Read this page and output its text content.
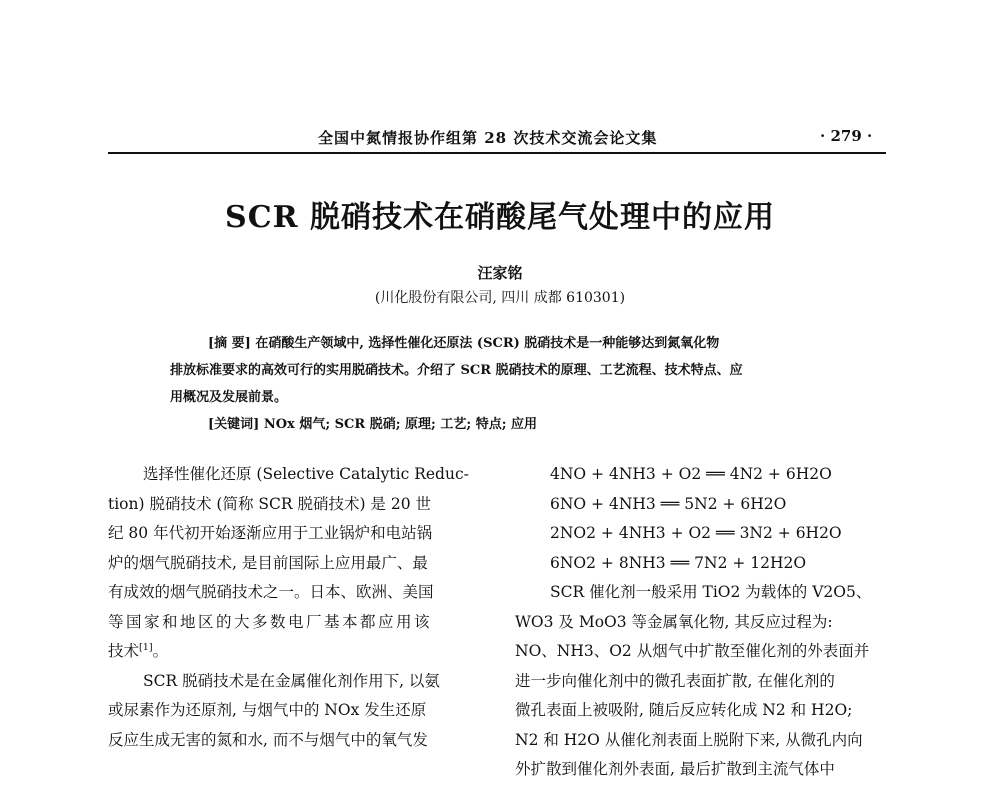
全国中氮情报协作组第 28 次技术交流会论文集	· 279 ·
SCR 脱硝技术在硝酸尾气处理中的应用
汪家铭
(川化股份有限公司, 四川 成都 610301)
[摘 要] 在硝酸生产领域中, 选择性催化还原法 (SCR) 脱硝技术是一种能够达到氮氧化物
排放标准要求的高效可行的实用脱硝技术。介绍了 SCR 脱硝技术的原理、工艺流程、技术特点、应
用概况及发展前景。
[关键词] NOx 烟气; SCR 脱硝; 原理; 工艺; 特点; 应用
选择性催化还原 (Selective Catalytic Reduc-
tion) 脱硝技术 (简称 SCR 脱硝技术) 是 20 世
纪 80 年代初开始逐渐应用于工业锅炉和电站锅
炉的烟气脱硝技术, 是目前国际上应用最广、最
有成效的烟气脱硝技术之一。日本、欧洲、美国
等国家和地区的大多数电厂基本都应用该
技术[1]。
SCR 脱硝技术是在金属催化剂作用下, 以氨
或尿素作为还原剂, 与烟气中的 NOx 发生还原
反应生成无害的氮和水, 而不与烟气中的氧气发
4NO + 4NH3 + O2 ══ 4N2 + 6H2O
6NO + 4NH3 ══ 5N2 + 6H2O
2NO2 + 4NH3 + O2 ══ 3N2 + 6H2O
6NO2 + 8NH3 ══ 7N2 + 12H2O
SCR 催化剂一般采用 TiO2 为载体的 V2O5、
WO3 及 MoO3 等金属氧化物, 其反应过程为:
NO、NH3、O2 从烟气中扩散至催化剂的外表面并
进一步向催化剂中的微孔表面扩散, 在催化剂的
微孔表面上被吸附, 随后反应转化成 N2 和 H2O;
N2 和 H2O 从催化剂表面上脱附下来, 从微孔内向
外扩散到催化剂外表面, 最后扩散到主流气体中
